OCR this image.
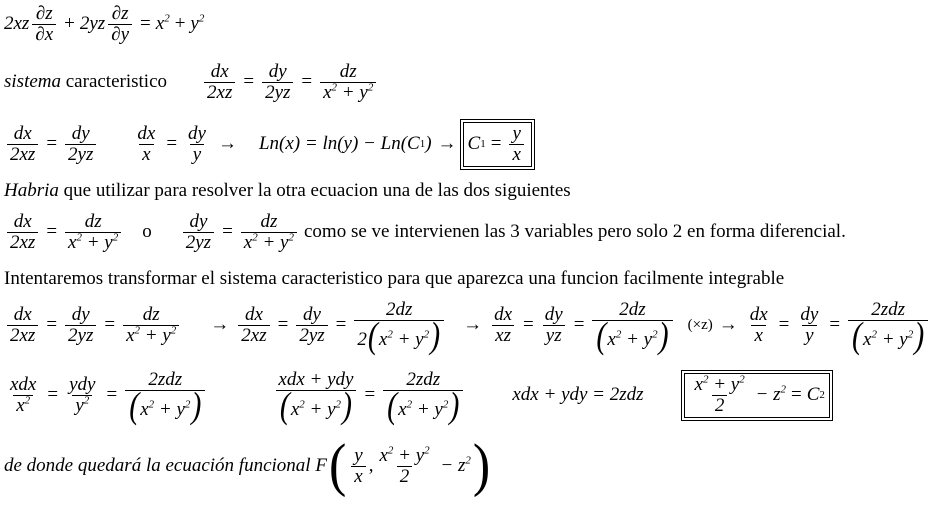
$2xz \frac{\partial z}{\partial x} + 2yz \frac{\partial z}{\partial y} = x^2 + y^2$
sistema
caracteristico $\frac{dx}{2xz} = \frac{dy}{2yz} = \frac{dz}{x^2 + y^2}$
$\frac{dx}{2xz} = \frac{dy}{2yz} \frac{dx}{x} = \frac{dy}{y} \to Ln(x) = \ln(y) - Ln(C$ 1 ) → C $1 = \frac{y}{x}$
Habria
que utilizar para resolver la otra ecuacion una de las dos siguientes
$\frac{dx}{2xz} = \frac{dz}{x^2 + y^2}$ o $\frac{dy}{2yz} = \frac{dz}{x^2 + y^2}$ como se ve intervienen las 3 variables pero solo 2 en forma diferencial.
Intentaremos transformar el sistema caracteristico para que aparezca una funcion facilmente integrable
$\frac{dx}{2xz} = \frac{dy}{2yz} = \frac{dz}{x^2 + y^2} \to \frac{dx}{2xz} = \frac{dy}{2yz} = \frac{2dz}{2(x^2 + y^2)} \to \frac{dx}{xz} = \frac{dy}{yz} = \frac{2dz}{(x^2 + y^2)} (\times z) \to \frac{dx}{x} = \frac{dy}{y} = \frac{\text{2zdz}}{(x^2 + y^2)}$
$\frac{\text{xdx}}{x^2} = \frac{\text{ydy}}{y^2} = \frac{\text{2zdz}}{(x^2 + y^2)}$	$\frac{\text{xdx + ydy}}{(x^2 + y^2)} = \frac{\text{2zdz}}{(x^2 + y^2)}$	xdx + ydy = 2zdz	$\frac{x^2 + y^2}{2} - z^2 = C$ 2
de donde quedará la ecuación funcional
F ( $\frac{y}{x}$ , $\frac{x^2 + y^2}{2} - z^2$ )
